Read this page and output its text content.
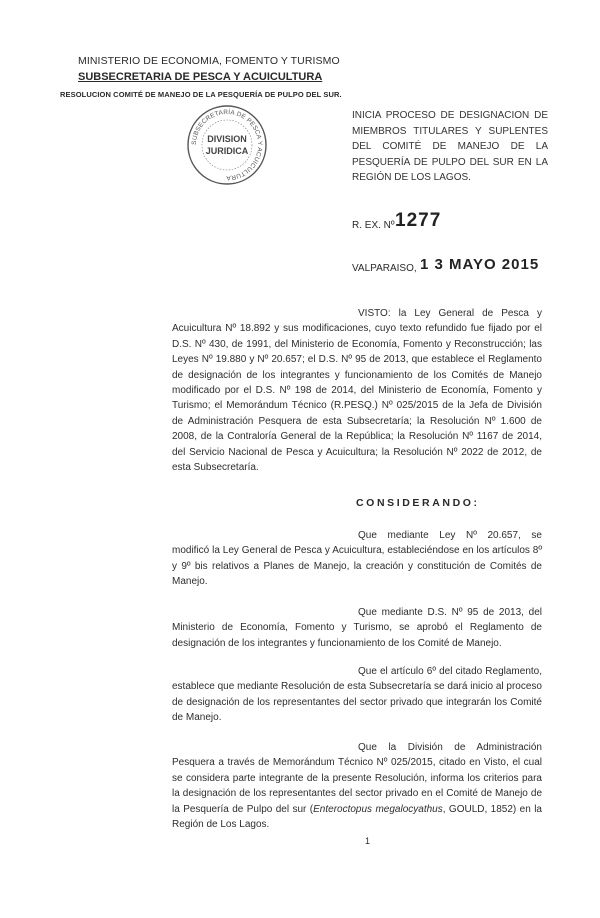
MINISTERIO DE ECONOMIA, FOMENTO Y TURISMO
SUBSECRETARIA DE PESCA Y ACUICULTURA
RESOLUCION COMITÉ DE MANEJO DE LA PESQUERÍA DE PULPO DEL SUR.
SUBSECRETARÍA DE PESCA Y ACUICULTURA
DIVISION
JURIDICA
INICIA PROCESO DE DESIGNACION DE MIEMBROS TITULARES Y SUPLENTES DEL COMITÉ DE MANEJO DE LA PESQUERÍA DE PULPO DEL SUR EN LA REGIÓN DE LOS LAGOS.
R. EX. Nº 1277
VALPARAISO, 1 3 MAYO 2015
VISTO: la Ley General de Pesca y Acuicultura Nº 18.892 y sus modificaciones, cuyo texto refundido fue fijado por el D.S. Nº 430, de 1991, del Ministerio de Economía, Fomento y Reconstrucción; las Leyes Nº 19.880 y Nº 20.657; el D.S. Nº 95 de 2013, que establece el Reglamento de designación de los integrantes y funcionamiento de los Comités de Manejo modificado por el D.S. Nº 198 de 2014, del Ministerio de Economía, Fomento y Turismo; el Memorándum Técnico (R.PESQ.) Nº 025/2015 de la Jefa de División de Administración Pesquera de esta Subsecretaría; la Resolución Nº 1.600 de 2008, de la Contraloría General de la República; la Resolución Nº 1167 de 2014, del Servicio Nacional de Pesca y Acuicultura; la Resolución Nº 2022 de 2012, de esta Subsecretaría.
CONSIDERANDO:
Que mediante Ley Nº 20.657, se modificó la Ley General de Pesca y Acuicultura, estableciéndose en los artículos 8º y 9º bis relativos a Planes de Manejo, la creación y constitución de Comités de Manejo.
Que mediante D.S. Nº 95 de 2013, del Ministerio de Economía, Fomento y Turismo, se aprobó el Reglamento de designación de los integrantes y funcionamiento de los Comité de Manejo.
Que el artículo 6º del citado Reglamento, establece que mediante Resolución de esta Subsecretaría se dará inicio al proceso de designación de los representantes del sector privado que integrarán los Comité de Manejo.
Que la División de Administración Pesquera a través de Memorándum Técnico Nº 025/2015, citado en Visto, el cual se considera parte integrante de la presente Resolución, informa los criterios para la designación de los representantes del sector privado en el Comité de Manejo de la Pesquería de Pulpo del sur (Enteroctopus megalocyathus, GOULD, 1852) en la Región de Los Lagos.
1
